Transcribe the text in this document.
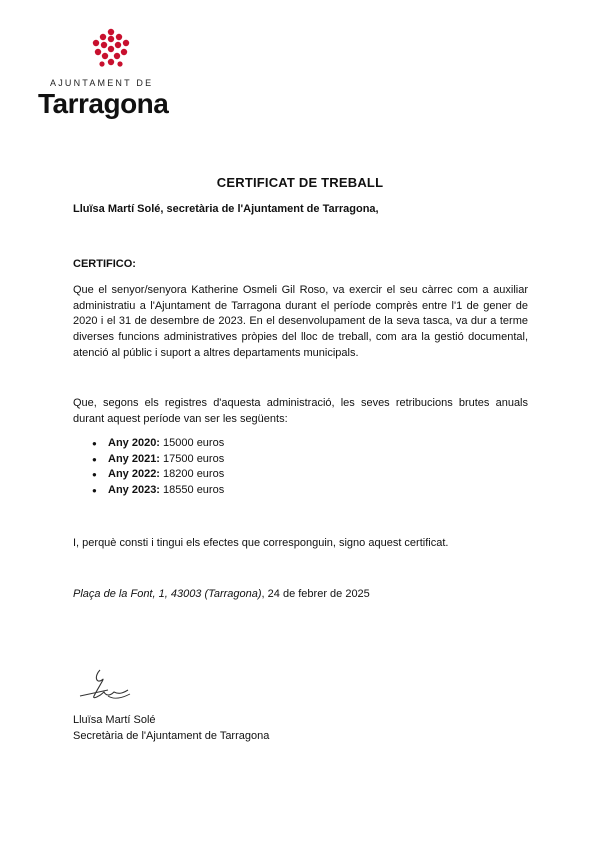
AJUNTAMENT DE
Tarragona
CERTIFICAT DE TREBALL
Lluïsa Martí Solé, secretària de l'Ajuntament de Tarragona,
CERTIFICO:
Que el senyor/senyora Katherine Osmeli Gil Roso, va exercir el seu càrrec com a auxiliar administratiu a l'Ajuntament de Tarragona durant el període comprès entre l'1 de gener de 2020 i el 31 de desembre de 2023. En el desenvolupament de la seva tasca, va dur a terme diverses funcions administratives pròpies del lloc de treball, com ara la gestió documental, atenció al públic i suport a altres departaments municipals.
Que, segons els registres d'aquesta administració, les seves retribucions brutes anuals durant aquest període van ser les següents:
● Any 2020: 15000 euros
● Any 2021: 17500 euros
● Any 2022: 18200 euros
● Any 2023: 18550 euros
I, perquè consti i tingui els efectes que corresponguin, signo aquest certificat.
Plaça de la Font, 1, 43003 (Tarragona), 24 de febrer de 2025
Lluïsa Martí Solé
Secretària de l'Ajuntament de Tarragona
